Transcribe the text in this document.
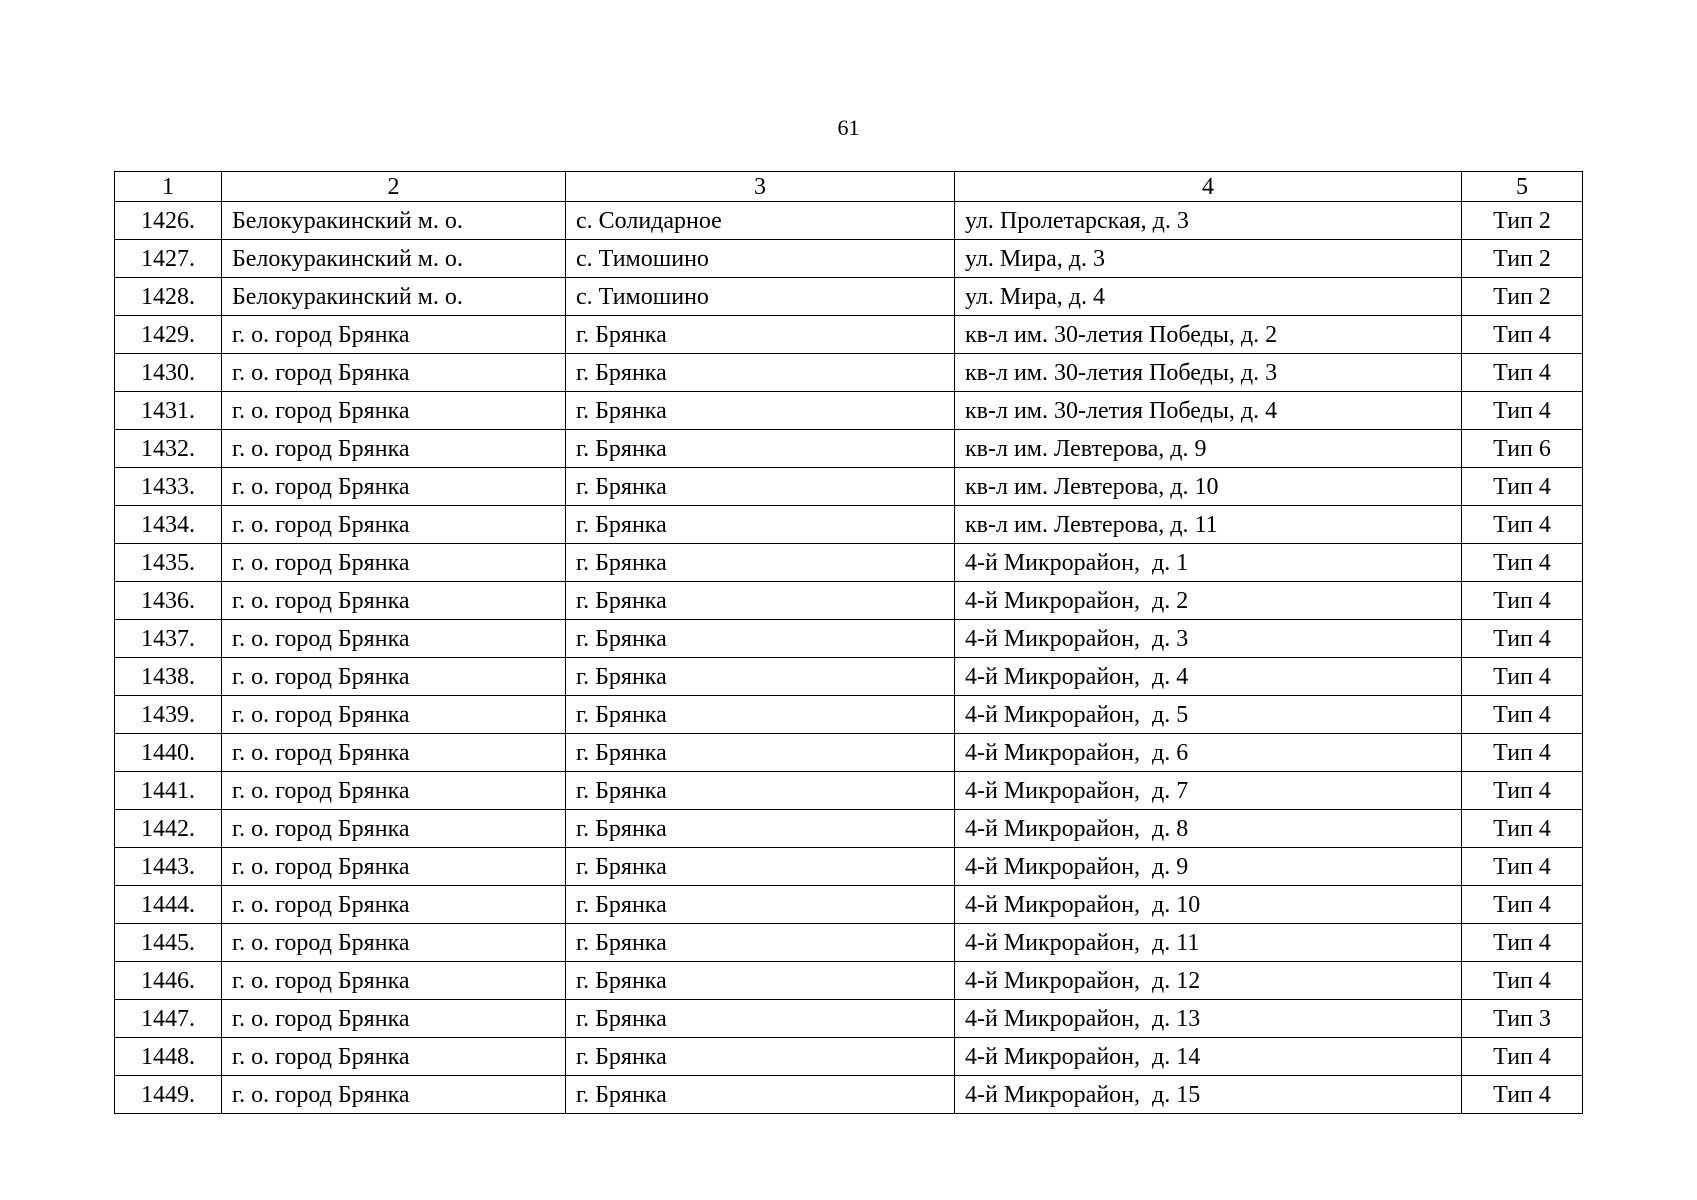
61
1	2	3	4	5
1426.	Белокуракинский м. о.	с. Солидарное	ул. Пролетарская, д. 3	Тип 2
1427.	Белокуракинский м. о.	с. Тимошино	ул. Мира, д. 3	Тип 2
1428.	Белокуракинский м. о.	с. Тимошино	ул. Мира, д. 4	Тип 2
1429.	г. о. город Брянка	г. Брянка	кв-л им. 30-летия Победы, д. 2	Тип 4
1430.	г. о. город Брянка	г. Брянка	кв-л им. 30-летия Победы, д. 3	Тип 4
1431.	г. о. город Брянка	г. Брянка	кв-л им. 30-летия Победы, д. 4	Тип 4
1432.	г. о. город Брянка	г. Брянка	кв-л им. Левтерова, д. 9	Тип 6
1433.	г. о. город Брянка	г. Брянка	кв-л им. Левтерова, д. 10	Тип 4
1434.	г. о. город Брянка	г. Брянка	кв-л им. Левтерова, д. 11	Тип 4
1435.	г. о. город Брянка	г. Брянка	4-й Микрорайон,  д. 1	Тип 4
1436.	г. о. город Брянка	г. Брянка	4-й Микрорайон,  д. 2	Тип 4
1437.	г. о. город Брянка	г. Брянка	4-й Микрорайон,  д. 3	Тип 4
1438.	г. о. город Брянка	г. Брянка	4-й Микрорайон,  д. 4	Тип 4
1439.	г. о. город Брянка	г. Брянка	4-й Микрорайон,  д. 5	Тип 4
1440.	г. о. город Брянка	г. Брянка	4-й Микрорайон,  д. 6	Тип 4
1441.	г. о. город Брянка	г. Брянка	4-й Микрорайон,  д. 7	Тип 4
1442.	г. о. город Брянка	г. Брянка	4-й Микрорайон,  д. 8	Тип 4
1443.	г. о. город Брянка	г. Брянка	4-й Микрорайон,  д. 9	Тип 4
1444.	г. о. город Брянка	г. Брянка	4-й Микрорайон,  д. 10	Тип 4
1445.	г. о. город Брянка	г. Брянка	4-й Микрорайон,  д. 11	Тип 4
1446.	г. о. город Брянка	г. Брянка	4-й Микрорайон,  д. 12	Тип 4
1447.	г. о. город Брянка	г. Брянка	4-й Микрорайон,  д. 13	Тип 3
1448.	г. о. город Брянка	г. Брянка	4-й Микрорайон,  д. 14	Тип 4
1449.	г. о. город Брянка	г. Брянка	4-й Микрорайон,  д. 15	Тип 4
